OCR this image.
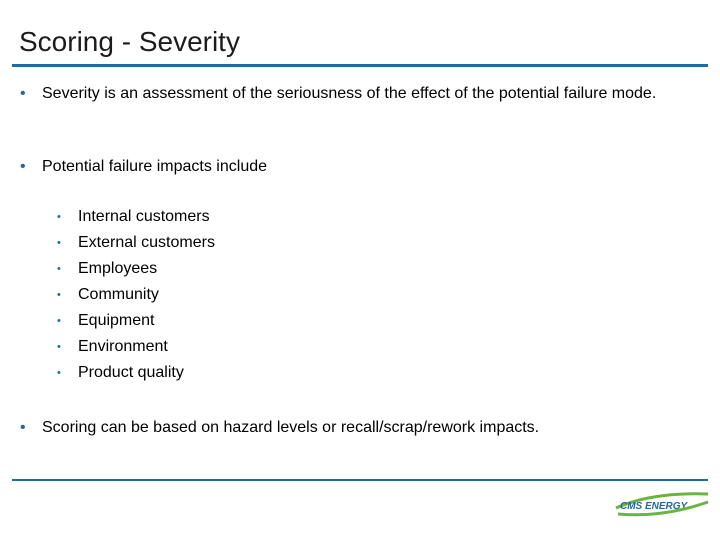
Scoring - Severity
• Severity is an assessment of the seriousness of the effect of the potential failure mode.
• Potential failure impacts include
• Internal customers
• External customers
• Employees
• Community
• Equipment
• Environment
• Product quality
• Scoring can be based on hazard levels or recall/scrap/rework impacts.
CMS ENERGY
